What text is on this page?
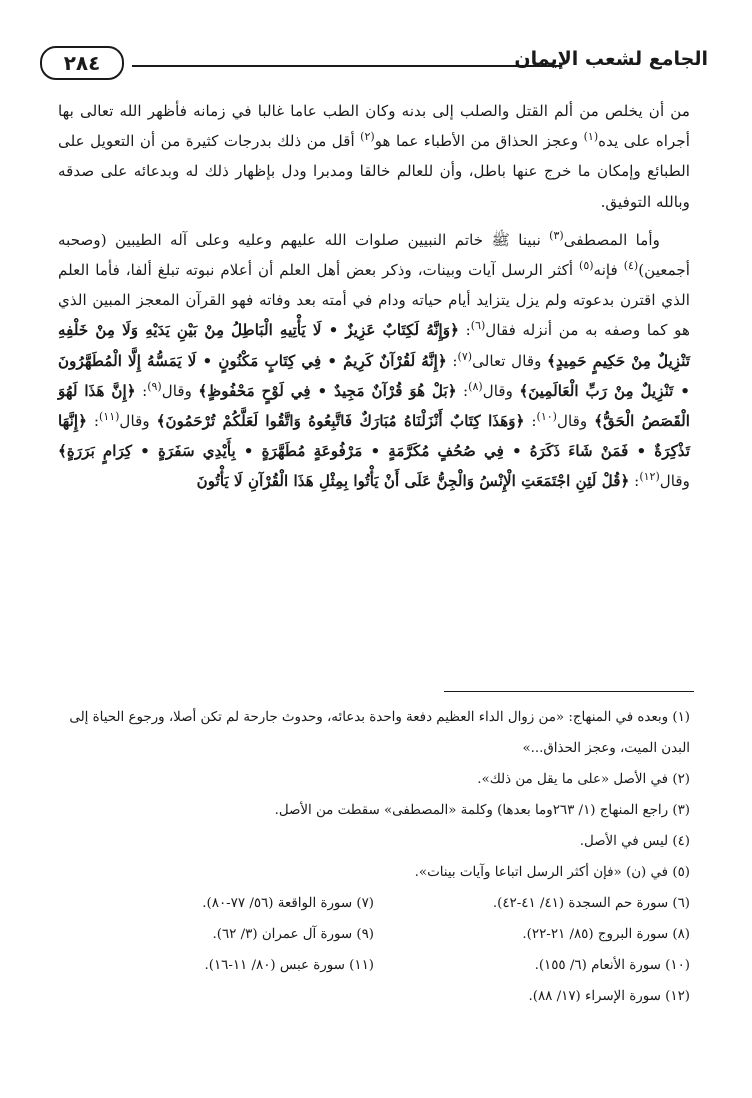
٢٨٤	الجامع لشعب الإيمان

من أن يخلص من ألم القتل والصلب إلى بدنه وكان الطب عاما غالبا في زمانه فأظهر الله تعالى بها أجراه على يده$^{(١)}$ وعجز الحذاق من الأطباء عما هو$^{(٢)}$ أقل من ذلك بدرجات كثيرة من أن التعويل على الطبائع وإمكان ما خرج عنها باطل، وأن للعالم خالقا ومدبرا ودل بإظهار ذلك له وبدعائه على صدقه وبالله التوفيق.

وأما المصطفى$^{(٣)}$ نبينا ﷺ خاتم النبيين صلوات الله عليهم وعليه وعلى آله الطيبين (وصحبه أجمعين)$^{(٤)}$ فإنه$^{(٥)}$ أكثر الرسل آيات وبينات، وذكر بعض أهل العلم أن أعلام نبوته تبلغ ألفا، فأما العلم الذي اقترن بدعوته ولم يزل يتزايد أيام حياته ودام في أمته بعد وفاته فهو القرآن المعجز المبين الذي هو كما وصفه به من أنزله فقال$^{(٦)}$: ﴿وَإِنَّهُ لَكِتَابٌ عَزِيزٌ • لَا يَأْتِيهِ الْبَاطِلُ مِنْ بَيْنِ يَدَيْهِ وَلَا مِنْ خَلْفِهِ تَنْزِيلٌ مِنْ حَكِيمٍ حَمِيدٍ﴾ وقال تعالى$^{(٧)}$: ﴿إِنَّهُ لَقُرْآنٌ كَرِيمٌ • فِي كِتَابٍ مَكْنُونٍ • لَا يَمَسُّهُ إِلَّا الْمُطَهَّرُونَ • تَنْزِيلٌ مِنْ رَبِّ الْعَالَمِينَ﴾ وقال$^{(٨)}$: ﴿بَلْ هُوَ قُرْآنٌ مَجِيدٌ • فِي لَوْحٍ مَحْفُوظٍ﴾ وقال$^{(٩)}$: ﴿إِنَّ هَذَا لَهُوَ الْقَصَصُ الْحَقُّ﴾ وقال$^{(١٠)}$: ﴿وَهَذَا كِتَابٌ أَنْزَلْنَاهُ مُبَارَكٌ فَاتَّبِعُوهُ وَاتَّقُوا لَعَلَّكُمْ تُرْحَمُونَ﴾ وقال$^{(١١)}$: ﴿إِنَّهَا تَذْكِرَةٌ • فَمَنْ شَاءَ ذَكَرَهُ • فِي صُحُفٍ مُكَرَّمَةٍ • مَرْفُوعَةٍ مُطَهَّرَةٍ • بِأَيْدِي سَفَرَةٍ • كِرَامٍ بَرَرَةٍ﴾ وقال$^{(١٢)}$: ﴿قُلْ لَئِنِ اجْتَمَعَتِ الْإِنْسُ وَالْجِنُّ عَلَى أَنْ يَأْتُوا بِمِثْلِ هَذَا الْقُرْآنِ لَا يَأْتُونَ

(١) وبعده في المنهاج: «من زوال الداء العظيم دفعة واحدة بدعائه، وحدوث جارحة لم تكن أصلا، ورجوع الحياة إلى البدن الميت، وعجز الحذاق...»

(٢) في الأصل «على ما يقل من ذلك».

(٣) راجع المنهاج (١/ ٢٦٣وما بعدها) وكلمة «المصطفى» سقطت من الأصل.

(٤) ليس في الأصل.

(٥) في (ن) «فإن أكثر الرسل اتباعا وآيات بينات».

(٦) سورة حم السجدة (٤١/ ٤١-٤٢).

(٧) سورة الواقعة (٥٦/ ٧٧-٨٠).

(٨) سورة البروج (٨٥/ ٢١-٢٢).

(٩) سورة آل عمران (٣/ ٦٢).

(١٠) سورة الأنعام (٦/ ١٥٥).

(١١) سورة عبس (٨٠/ ١١-١٦).

(١٢) سورة الإسراء (١٧/ ٨٨).
